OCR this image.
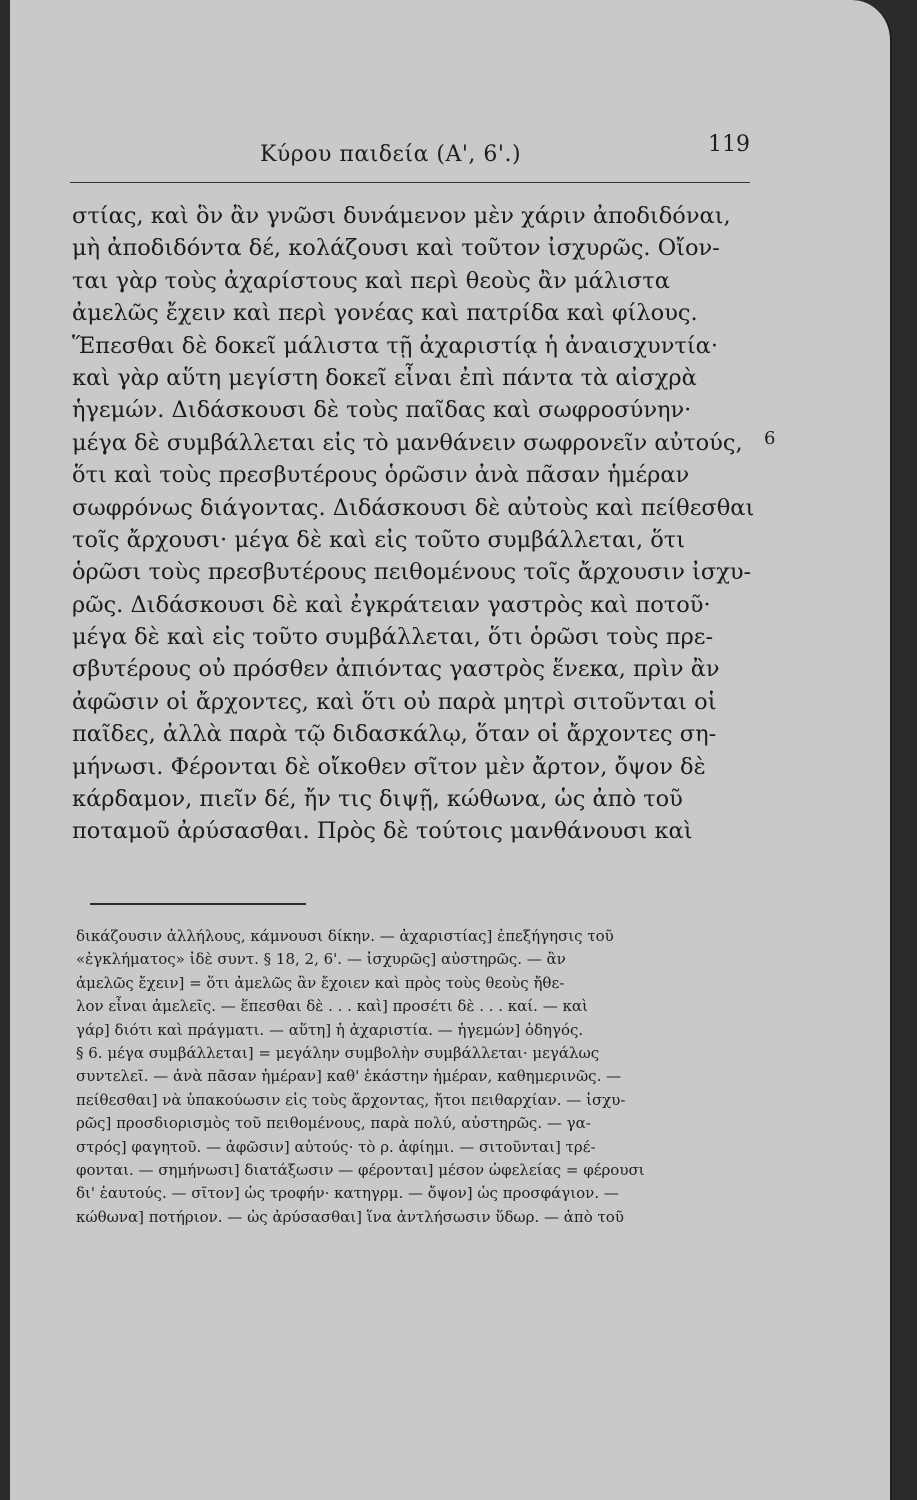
Κύρου παιδεία (Α', 6'.)	119
στίας, καὶ ὃν ἂν γνῶσι δυνάμενον μὲν χάριν ἀποδιδόναι,
μὴ ἀποδιδόντα δέ, κολάζουσι καὶ τοῦτον ἰσχυρῶς. Οἴον-
ται γὰρ τοὺς ἀχαρίστους καὶ περὶ θεοὺς ἂν μάλιστα
ἀμελῶς ἔχειν καὶ περὶ γονέας καὶ πατρίδα καὶ φίλους.
Ἕπεσθαι δὲ δοκεῖ μάλιστα τῇ ἀχαριστίᾳ ἡ ἀναισχυντία·
καὶ γὰρ αὕτη μεγίστη δοκεῖ εἶναι ἐπὶ πάντα τὰ αἰσχρὰ
ἡγεμών. Διδάσκουσι δὲ τοὺς παῖδας καὶ σωφροσύνην·
μέγα δὲ συμβάλλεται εἰς τὸ μανθάνειν σωφρονεῖν αὐτούς,
ὅτι καὶ τοὺς πρεσβυτέρους ὁρῶσιν ἀνὰ πᾶσαν ἡμέραν
σωφρόνως διάγοντας. Διδάσκουσι δὲ αὐτοὺς καὶ πείθεσθαι
τοῖς ἄρχουσι· μέγα δὲ καὶ εἰς τοῦτο συμβάλλεται, ὅτι
ὁρῶσι τοὺς πρεσβυτέρους πειθομένους τοῖς ἄρχουσιν ἰσχυ-
ρῶς. Διδάσκουσι δὲ καὶ ἐγκράτειαν γαστρὸς καὶ ποτοῦ·
μέγα δὲ καὶ εἰς τοῦτο συμβάλλεται, ὅτι ὁρῶσι τοὺς πρε-
σβυτέρους οὐ πρόσθεν ἀπιόντας γαστρὸς ἕνεκα, πρὶν ἂν
ἀφῶσιν οἱ ἄρχοντες, καὶ ὅτι οὐ παρὰ μητρὶ σιτοῦνται οἱ
παῖδες, ἀλλὰ παρὰ τῷ διδασκάλῳ, ὅταν οἱ ἄρχοντες ση-
μήνωσι. Φέρονται δὲ οἴκοθεν σῖτον μὲν ἄρτον, ὄψον δὲ
κάρδαμον, πιεῖν δέ, ἤν τις διψῇ, κώθωνα, ὡς ἀπὸ τοῦ
ποταμοῦ ἀρύσασθαι. Πρὸς δὲ τούτοις μανθάνουσι καὶ
6
δικάζουσιν ἀλλήλους, κάμνουσι δίκην. — ἀχαριστίας] ἐπεξήγησις τοῦ
«ἐγκλήματος» ἰδὲ συντ. § 18, 2, 6'. — ἰσχυρῶς] αὐστηρῶς. — ἂν
ἀμελῶς ἔχειν] = ὅτι ἀμελῶς ἂν ἔχοιεν καὶ πρὸς τοὺς θεοὺς ἤθε-
λον εἶναι ἀμελεῖς. — ἕπεσθαι δὲ . . . καὶ] προσέτι δὲ . . . καί. — καὶ
γάρ] διότι καὶ πράγματι. — αὕτη] ἡ ἀχαριστία. — ἡγεμών] ὁδηγός.
§ 6. μέγα συμβάλλεται] = μεγάλην συμβολὴν συμβάλλεται· μεγάλως
συντελεῖ. — ἀνὰ πᾶσαν ἡμέραν] καθ' ἑκάστην ἡμέραν, καθημερινῶς. —
πείθεσθαι] νὰ ὑπακούωσιν εἰς τοὺς ἄρχοντας, ἤτοι πειθαρχίαν. — ἰσχυ-
ρῶς] προσδιορισμὸς τοῦ πειθομένους, παρὰ πολύ, αὐστηρῶς. — γα-
στρός] φαγητοῦ. — ἀφῶσιν] αὐτούς· τὸ ρ. ἀφίημι. — σιτοῦνται] τρέ-
φονται. — σημήνωσι] διατάξωσιν — φέρονται] μέσον ὠφελείας = φέρουσι
δι' ἑαυτούς. — σῖτον] ὡς τροφήν· κατηγρμ. — ὄψον] ὡς προσφάγιον. —
κώθωνα] ποτήριον. — ὡς ἀρύσασθαι] ἵνα ἀντλήσωσιν ὕδωρ. — ἀπὸ τοῦ
